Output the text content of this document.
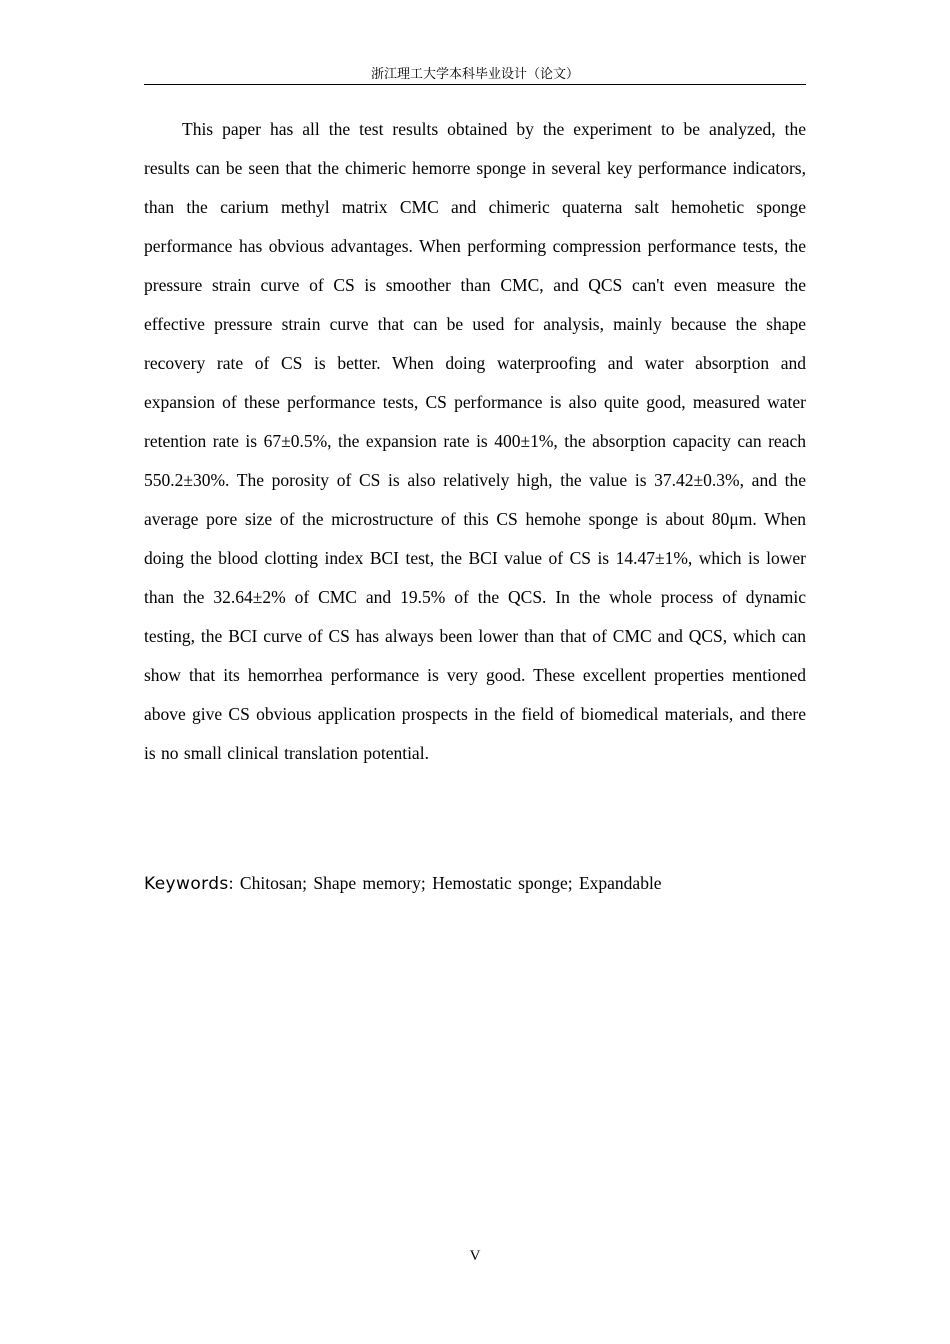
浙江理工大学本科毕业设计（论文）

This paper has all the test results obtained by the experiment to be analyzed, the results can be seen that the chimeric hemorre sponge in several key performance indicators, than the carium methyl matrix CMC and chimeric quaterna salt hemohetic sponge performance has obvious advantages. When performing compression performance tests, the pressure strain curve of CS is smoother than CMC, and QCS can't even measure the effective pressure strain curve that can be used for analysis, mainly because the shape recovery rate of CS is better. When doing waterproofing and water absorption and expansion of these performance tests, CS performance is also quite good, measured water retention rate is 67±0.5%, the expansion rate is 400±1%, the absorption capacity can reach 550.2±30%. The porosity of CS is also relatively high, the value is 37.42±0.3%, and the average pore size of the microstructure of this CS hemohe sponge is about 80μm. When doing the blood clotting index BCI test, the BCI value of CS is 14.47±1%, which is lower than the 32.64±2% of CMC and 19.5% of the QCS. In the whole process of dynamic testing, the BCI curve of CS has always been lower than that of CMC and QCS, which can show that its hemorrhea performance is very good. These excellent properties mentioned above give CS obvious application prospects in the field of biomedical materials, and there is no small clinical translation potential.

Keywords: Chitosan; Shape memory; Hemostatic sponge; Expandable

V
